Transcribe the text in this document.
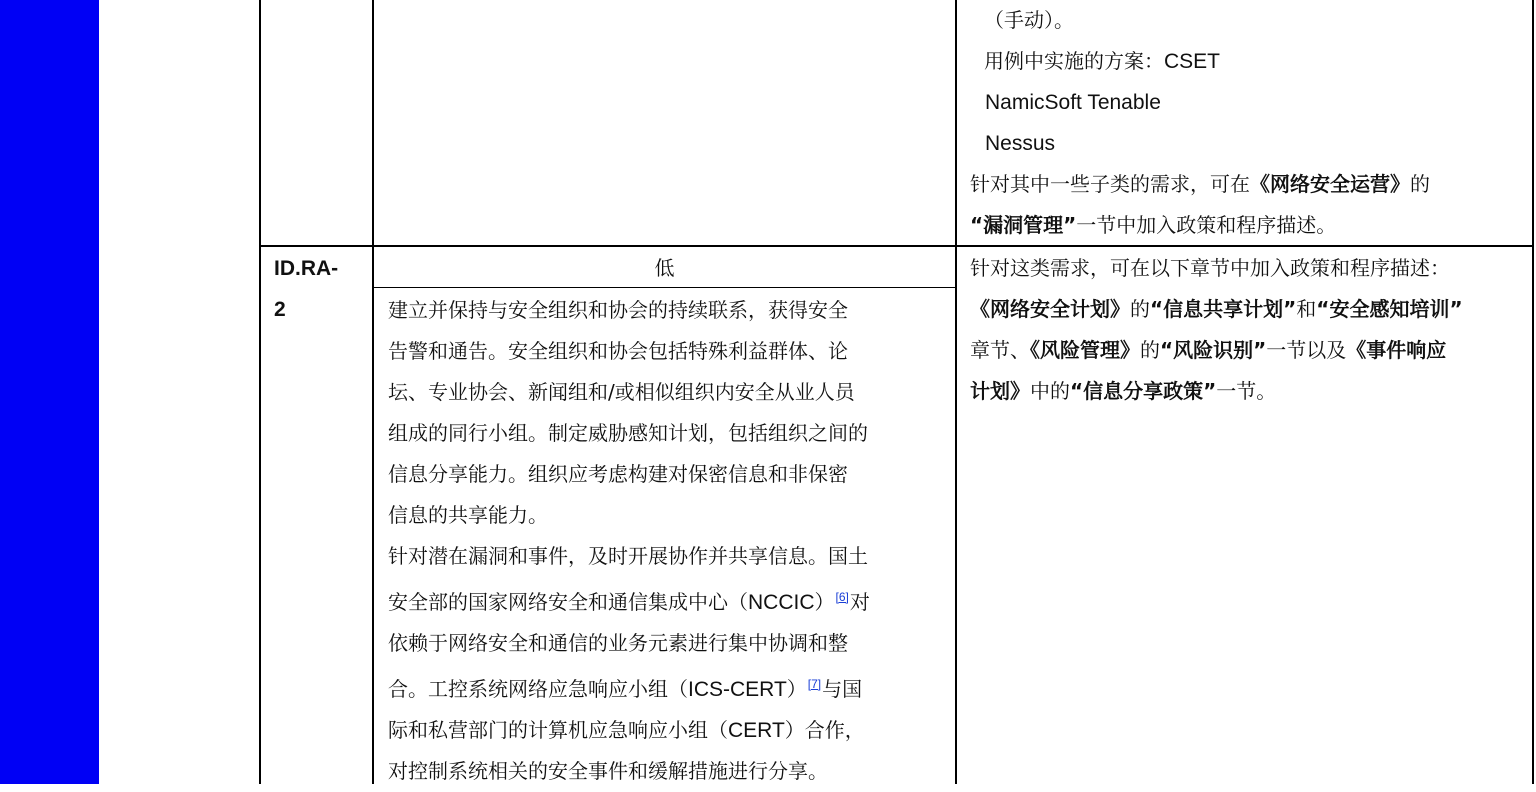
（手动）。
用例中实施的方案：CSET
NamicSoft Tenable
Nessus
针对其中一些子类的需求，可在《网络安全运营》的
“漏洞管理”一节中加入政策和程序描述。
ID.RA-
2
低
建立并保持与安全组织和协会的持续联系，获得安全
告警和通告。安全组织和协会包括特殊利益群体、论
坛、专业协会、新闻组和/或相似组织内安全从业人员
组成的同行小组。制定威胁感知计划，包括组织之间的
信息分享能力。组织应考虑构建对保密信息和非保密
信息的共享能力。
针对潜在漏洞和事件，及时开展协作并共享信息。国土
安全部的国家网络安全和通信集成中心（NCCIC）[6]对
依赖于网络安全和通信的业务元素进行集中协调和整
合。工控系统网络应急响应小组（ICS-CERT）[7]与国
际和私营部门的计算机应急响应小组（CERT）合作，
对控制系统相关的安全事件和缓解措施进行分享。
针对这类需求，可在以下章节中加入政策和程序描述：
《网络安全计划》的“信息共享计划”和“安全感知培训”
章节、《风险管理》的“风险识别”一节以及《事件响应
计划》中的“信息分享政策”一节。
